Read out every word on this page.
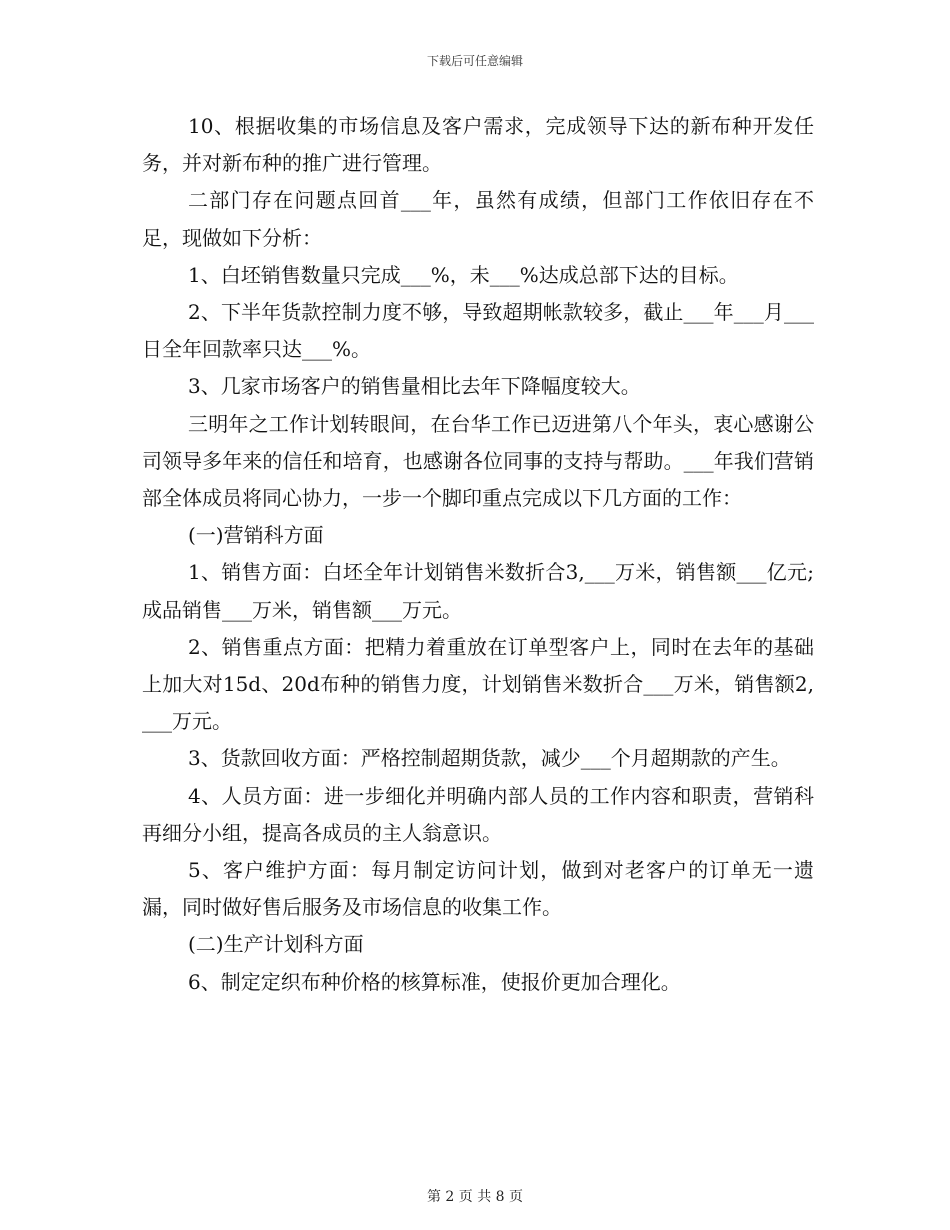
下载后可任意编辑

10、根据收集的市场信息及客户需求，完成领导下达的新布种开发任务，并对新布种的推广进行管理。

二部门存在问题点回首___年，虽然有成绩，但部门工作依旧存在不足，现做如下分析：

1、白坯销售数量只完成___%，未___%达成总部下达的目标。

2、下半年货款控制力度不够，导致超期帐款较多，截止___年___月___日全年回款率只达___%。

3、几家市场客户的销售量相比去年下降幅度较大。

三明年之工作计划转眼间，在台华工作已迈进第八个年头，衷心感谢公司领导多年来的信任和培育，也感谢各位同事的支持与帮助。___年我们营销部全体成员将同心协力，一步一个脚印重点完成以下几方面的工作：

(一)营销科方面

1、销售方面：白坯全年计划销售米数折合3,___万米，销售额___亿元;成品销售___万米，销售额___万元。

2、销售重点方面：把精力着重放在订单型客户上，同时在去年的基础上加大对15d、20d布种的销售力度，计划销售米数折合___万米，销售额2,___万元。

3、货款回收方面：严格控制超期货款，减少___个月超期款的产生。

4、人员方面：进一步细化并明确内部人员的工作内容和职责，营销科再细分小组，提高各成员的主人翁意识。

5、客户维护方面：每月制定访问计划，做到对老客户的订单无一遗漏，同时做好售后服务及市场信息的收集工作。

(二)生产计划科方面

6、制定定织布种价格的核算标准，使报价更加合理化。

第 2 页 共 8 页
